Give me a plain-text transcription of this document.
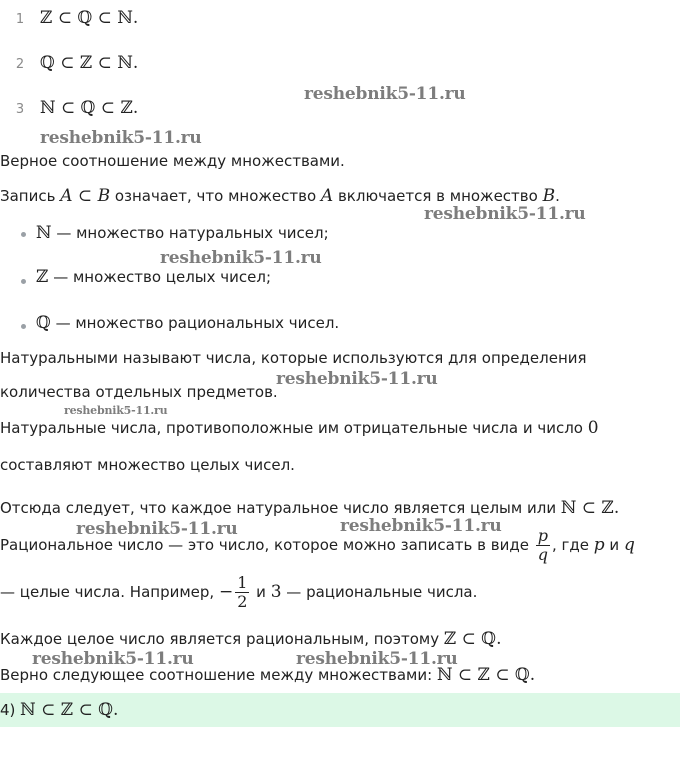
1 ℤ ⊂ ℚ ⊂ ℕ.
2 ℚ ⊂ ℤ ⊂ ℕ.
3 ℕ ⊂ ℚ ⊂ ℤ.
Верное соотношение между множествами.
Запись A ⊂ B означает, что множество A включается в множество B.
ℕ — множество натуральных чисел;
ℤ — множество целых чисел;
ℚ — множество рациональных чисел.
Натуральными называют числа, которые используются для определения
количества отдельных предметов.
Натуральные числа, противоположные им отрицательные числа и число 0
составляют множество целых чисел.
Отсюда следует, что каждое натуральное число является целым или ℕ ⊂ ℤ.
Рациональное число — это число, которое можно записать в виде $\frac{p}{q}$ , где p и q
— целые числа. Например, − $\frac{1}{2}$ и 3 — рациональные числа.
Каждое целое число является рациональным, поэтому ℤ ⊂ ℚ.
Верно следующее соотношение между множествами: ℕ ⊂ ℤ ⊂ ℚ.
4) ℕ ⊂ ℤ ⊂ ℚ.
reshebnik5-11.ru
reshebnik5-11.ru
reshebnik5-11.ru
reshebnik5-11.ru
reshebnik5-11.ru
reshebnik5-11.ru
reshebnik5-11.ru	reshebnik5-11.ru
reshebnik5-11.ru	reshebnik5-11.ru
